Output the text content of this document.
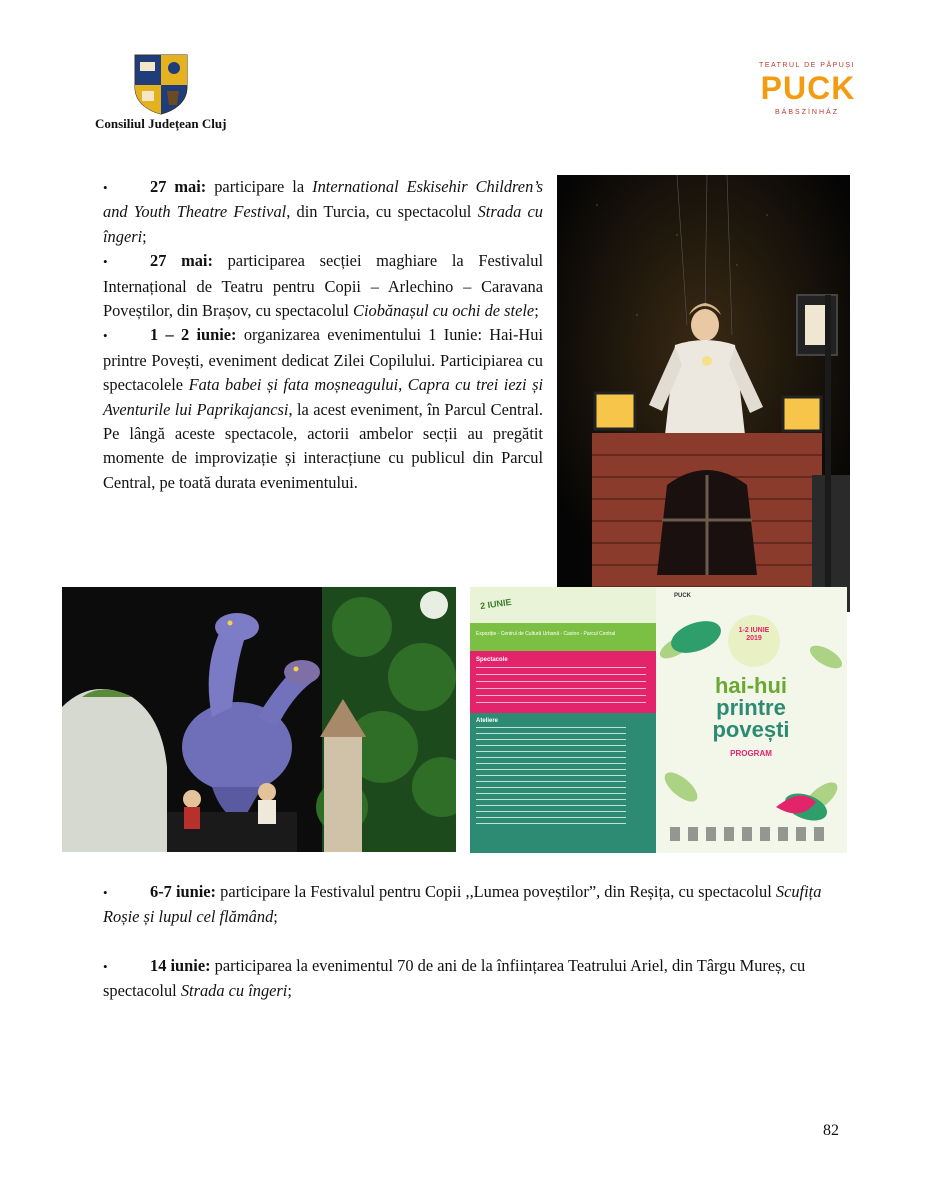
Consiliul Județean Cluj
TEATRUL DE PĂPUȘI
PUCK
BÁBSZÍNHÁZ

•	27 mai: participare la International Eskisehir Children’s and Youth Theatre Festival, din Turcia, cu spectacolul Strada cu îngeri;

•	27 mai: participarea secției maghiare la Festivalul Internațional de Teatru pentru Copii – Arlechino – Caravana Poveștilor, din Brașov, cu spectacolul Ciobănașul cu ochi de stele;

•	1 – 2 iunie: organizarea evenimentului 1 Iunie: Hai-Hui printre Povești, eveniment dedicat Zilei Copilului. Participiarea cu spectacolele Fata babei și fata moșneagului, Capra cu trei iezi și Aventurile lui Paprikajancsi, la acest eveniment, în Parcul Central. Pe lângă aceste spectacole, actorii ambelor secții au pregătit momente de improvizație și interacțiune cu publicul din Parcul Central, pe toată durata evenimentului.

2 IUNIE
Expoziție - Centrul de Cultură Urbană - Casino - Parcul Central
Spectacole
Ateliere
PUCK
1-2 IUNIE 2019
hai-hui
printre
povești
PROGRAM

•	6-7 iunie: participare la Festivalul pentru Copii ,,Lumea poveștilor”, din Reșița, cu spectacolul Scufița Roșie și lupul cel flămând;

•	14 iunie: participarea la evenimentul 70 de ani de la înființarea Teatrului Ariel, din Târgu Mureș, cu spectacolul Strada cu îngeri;

82
